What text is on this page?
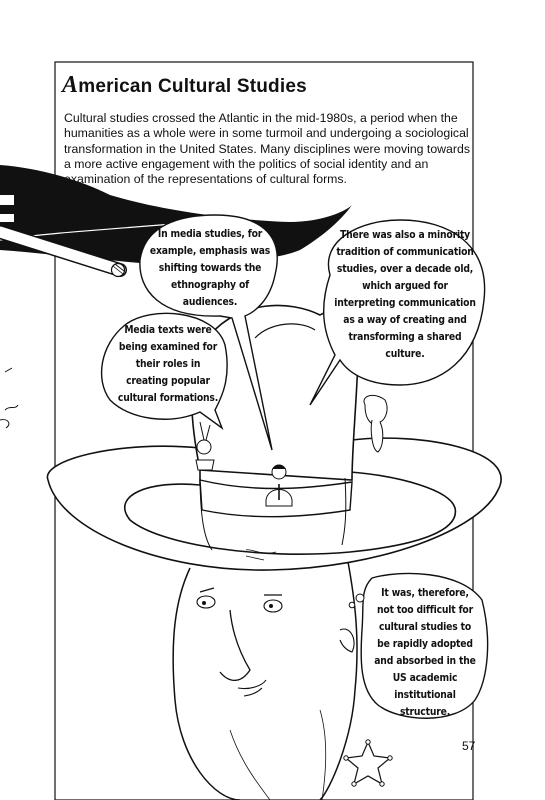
American Cultural Studies
Cultural studies crossed the Atlantic in the mid-1980s, a period when the humanities as a whole were in some turmoil and undergoing a sociological transformation in the United States. Many disciplines were moving towards a more active engagement with the politics of social identity and an examination of the representations of cultural forms.
In media studies, for example, emphasis was shifting towards the ethnography of audiences.
There was also a minority tradition of communication studies, over a decade old, which argued for interpreting communication as a way of creating and transforming a shared culture.
Media texts were being examined for their roles in creating popular cultural formations.
It was, therefore, not too difficult for cultural studies to be rapidly adopted and absorbed in the US academic institutional structure.
57
